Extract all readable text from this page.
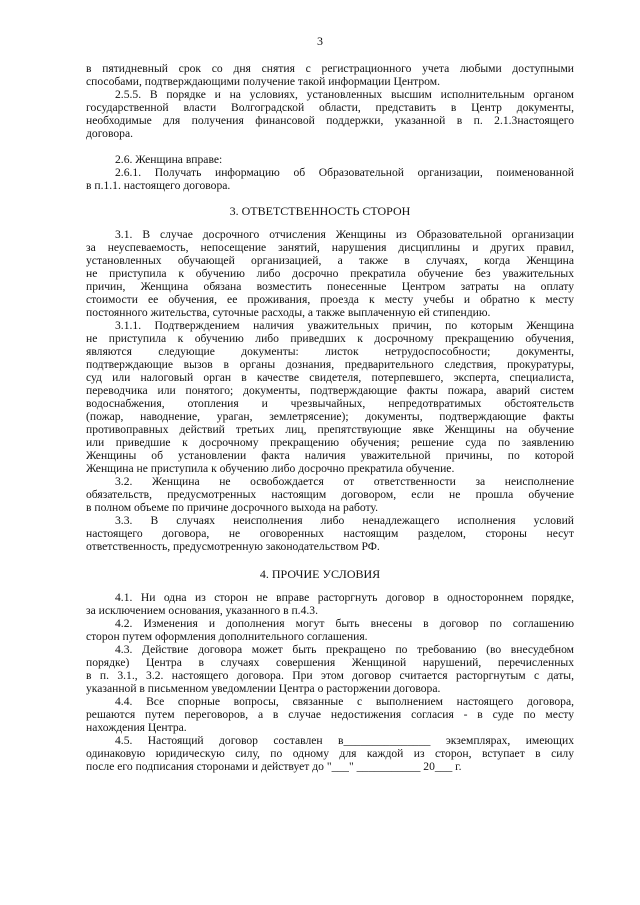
3
в пятидневный срок со дня снятия с регистрационного учета любыми доступными
способами, подтверждающими получение такой информации Центром.
2.5.5. В порядке и на условиях, установленных высшим исполнительным органом
государственной власти Волгоградской области, представить в Центр документы,
необходимые для получения финансовой поддержки, указанной в п. 2.1.3настоящего
договора.
2.6. Женщина вправе:
2.6.1. Получать информацию об Образовательной организации, поименованной
в п.1.1. настоящего договора.
3. ОТВЕТСТВЕННОСТЬ СТОРОН
3.1. В случае досрочного отчисления Женщины из Образовательной организации
за неуспеваемость, непосещение занятий, нарушения дисциплины и других правил,
установленных обучающей организацией, а также в случаях, когда Женщина
не приступила к обучению либо досрочно прекратила обучение без уважительных
причин, Женщина обязана возместить понесенные Центром затраты на оплату
стоимости ее обучения, ее проживания, проезда к месту учебы и обратно к месту
постоянного жительства, суточные расходы, а также выплаченную ей стипендию.
3.1.1. Подтверждением наличия уважительных причин, по которым Женщина
не приступила к обучению либо приведших к досрочному прекращению обучения,
являются следующие документы: листок нетрудоспособности; документы,
подтверждающие вызов в органы дознания, предварительного следствия, прокуратуры,
суд или налоговый орган в качестве свидетеля, потерпевшего, эксперта, специалиста,
переводчика или понятого; документы, подтверждающие факты пожара, аварий систем
водоснабжения, отопления и чрезвычайных, непредотвратимых обстоятельств
(пожар, наводнение, ураган, землетрясение); документы, подтверждающие факты
противоправных действий третьих лиц, препятствующие явке Женщины на обучение
или приведшие к досрочному прекращению обучения; решение суда по заявлению
Женщины об установлении факта наличия уважительной причины, по которой
Женщина не приступила к обучению либо досрочно прекратила обучение.
3.2. Женщина не освобождается от ответственности за неисполнение
обязательств, предусмотренных настоящим договором, если не прошла обучение
в полном объеме по причине досрочного выхода на работу.
3.3. В случаях неисполнения либо ненадлежащего исполнения условий
настоящего договора, не оговоренных настоящим разделом, стороны несут
ответственность, предусмотренную законодательством РФ.
4. ПРОЧИЕ УСЛОВИЯ
4.1. Ни одна из сторон не вправе расторгнуть договор в одностороннем порядке,
за исключением основания, указанного в п.4.3.
4.2. Изменения и дополнения могут быть внесены в договор по соглашению
сторон путем оформления дополнительного соглашения.
4.3. Действие договора может быть прекращено по требованию (во внесудебном
порядке) Центра в случаях совершения Женщиной нарушений, перечисленных
в п. 3.1., 3.2. настоящего договора. При этом договор считается расторгнутым с даты,
указанной в письменном уведомлении Центра о расторжении договора.
4.4. Все спорные вопросы, связанные с выполнением настоящего договора,
решаются путем переговоров, а в случае недостижения согласия - в суде по месту
нахождения Центра.
4.5. Настоящий договор составлен в_______________ экземплярах, имеющих
одинаковую юридическую силу, по одному для каждой из сторон, вступает в силу
после его подписания сторонами и действует до "___" ___________ 20___ г.
